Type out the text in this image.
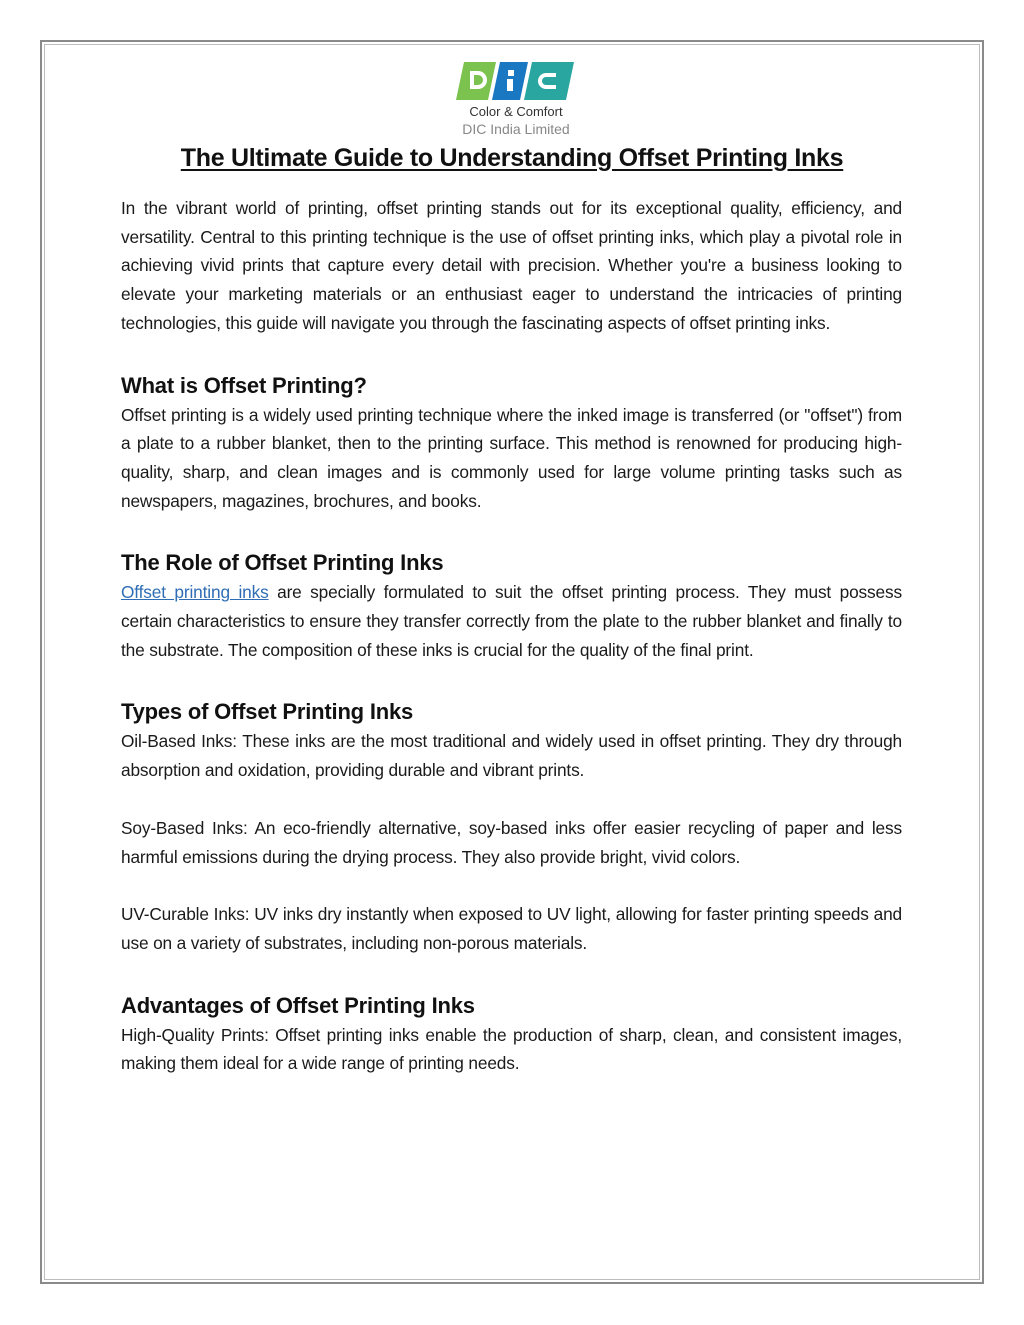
Color & Comfort
DIC India Limited
The Ultimate Guide to Understanding Offset Printing Inks

In the vibrant world of printing, offset printing stands out for its exceptional quality, efficiency, and versatility. Central to this printing technique is the use of offset printing inks, which play a pivotal role in achieving vivid prints that capture every detail with precision. Whether you're a business looking to elevate your marketing materials or an enthusiast eager to understand the intricacies of printing technologies, this guide will navigate you through the fascinating aspects of offset printing inks.

What is Offset Printing?

Offset printing is a widely used printing technique where the inked image is transferred (or "offset") from a plate to a rubber blanket, then to the printing surface. This method is renowned for producing high-quality, sharp, and clean images and is commonly used for large volume printing tasks such as newspapers, magazines, brochures, and books.

The Role of Offset Printing Inks

Offset printing inks are specially formulated to suit the offset printing process. They must possess certain characteristics to ensure they transfer correctly from the plate to the rubber blanket and finally to the substrate. The composition of these inks is crucial for the quality of the final print.

Types of Offset Printing Inks

Oil-Based Inks: These inks are the most traditional and widely used in offset printing. They dry through absorption and oxidation, providing durable and vibrant prints.

Soy-Based Inks: An eco-friendly alternative, soy-based inks offer easier recycling of paper and less harmful emissions during the drying process. They also provide bright, vivid colors.

UV-Curable Inks: UV inks dry instantly when exposed to UV light, allowing for faster printing speeds and use on a variety of substrates, including non-porous materials.

Advantages of Offset Printing Inks

High-Quality Prints: Offset printing inks enable the production of sharp, clean, and consistent images, making them ideal for a wide range of printing needs.
